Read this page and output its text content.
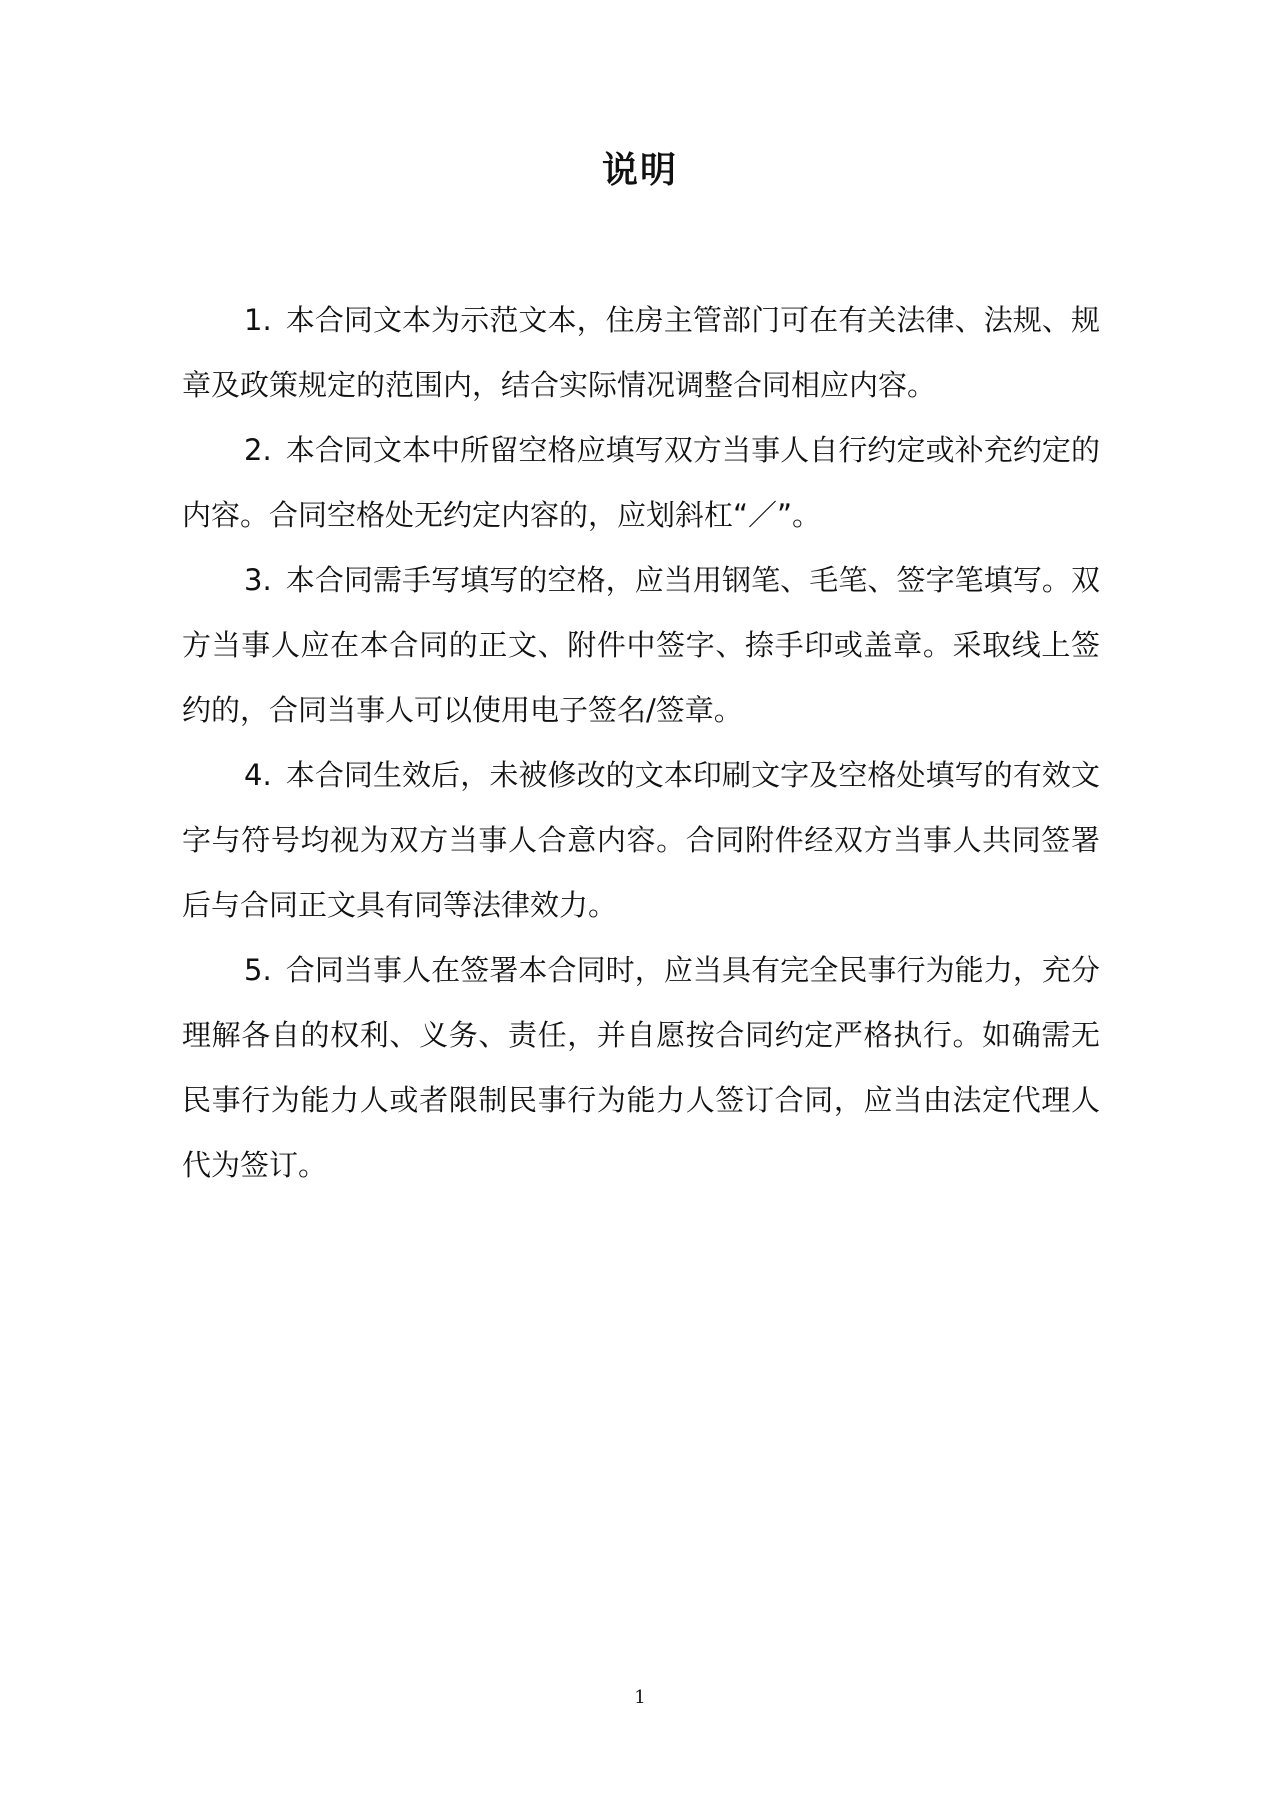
说明

1. 本合同文本为示范文本，住房主管部门可在有关法律、法规、规章及政策规定的范围内，结合实际情况调整合同相应内容。

2. 本合同文本中所留空格应填写双方当事人自行约定或补充约定的内容。合同空格处无约定内容的，应划斜杠“／”。

3. 本合同需手写填写的空格，应当用钢笔、毛笔、签字笔填写。双方当事人应在本合同的正文、附件中签字、捺手印或盖章。采取线上签约的，合同当事人可以使用电子签名/签章。

4. 本合同生效后，未被修改的文本印刷文字及空格处填写的有效文字与符号均视为双方当事人合意内容。合同附件经双方当事人共同签署后与合同正文具有同等法律效力。

5. 合同当事人在签署本合同时，应当具有完全民事行为能力，充分理解各自的权利、义务、责任，并自愿按合同约定严格执行。如确需无民事行为能力人或者限制民事行为能力人签订合同，应当由法定代理人代为签订。

1
